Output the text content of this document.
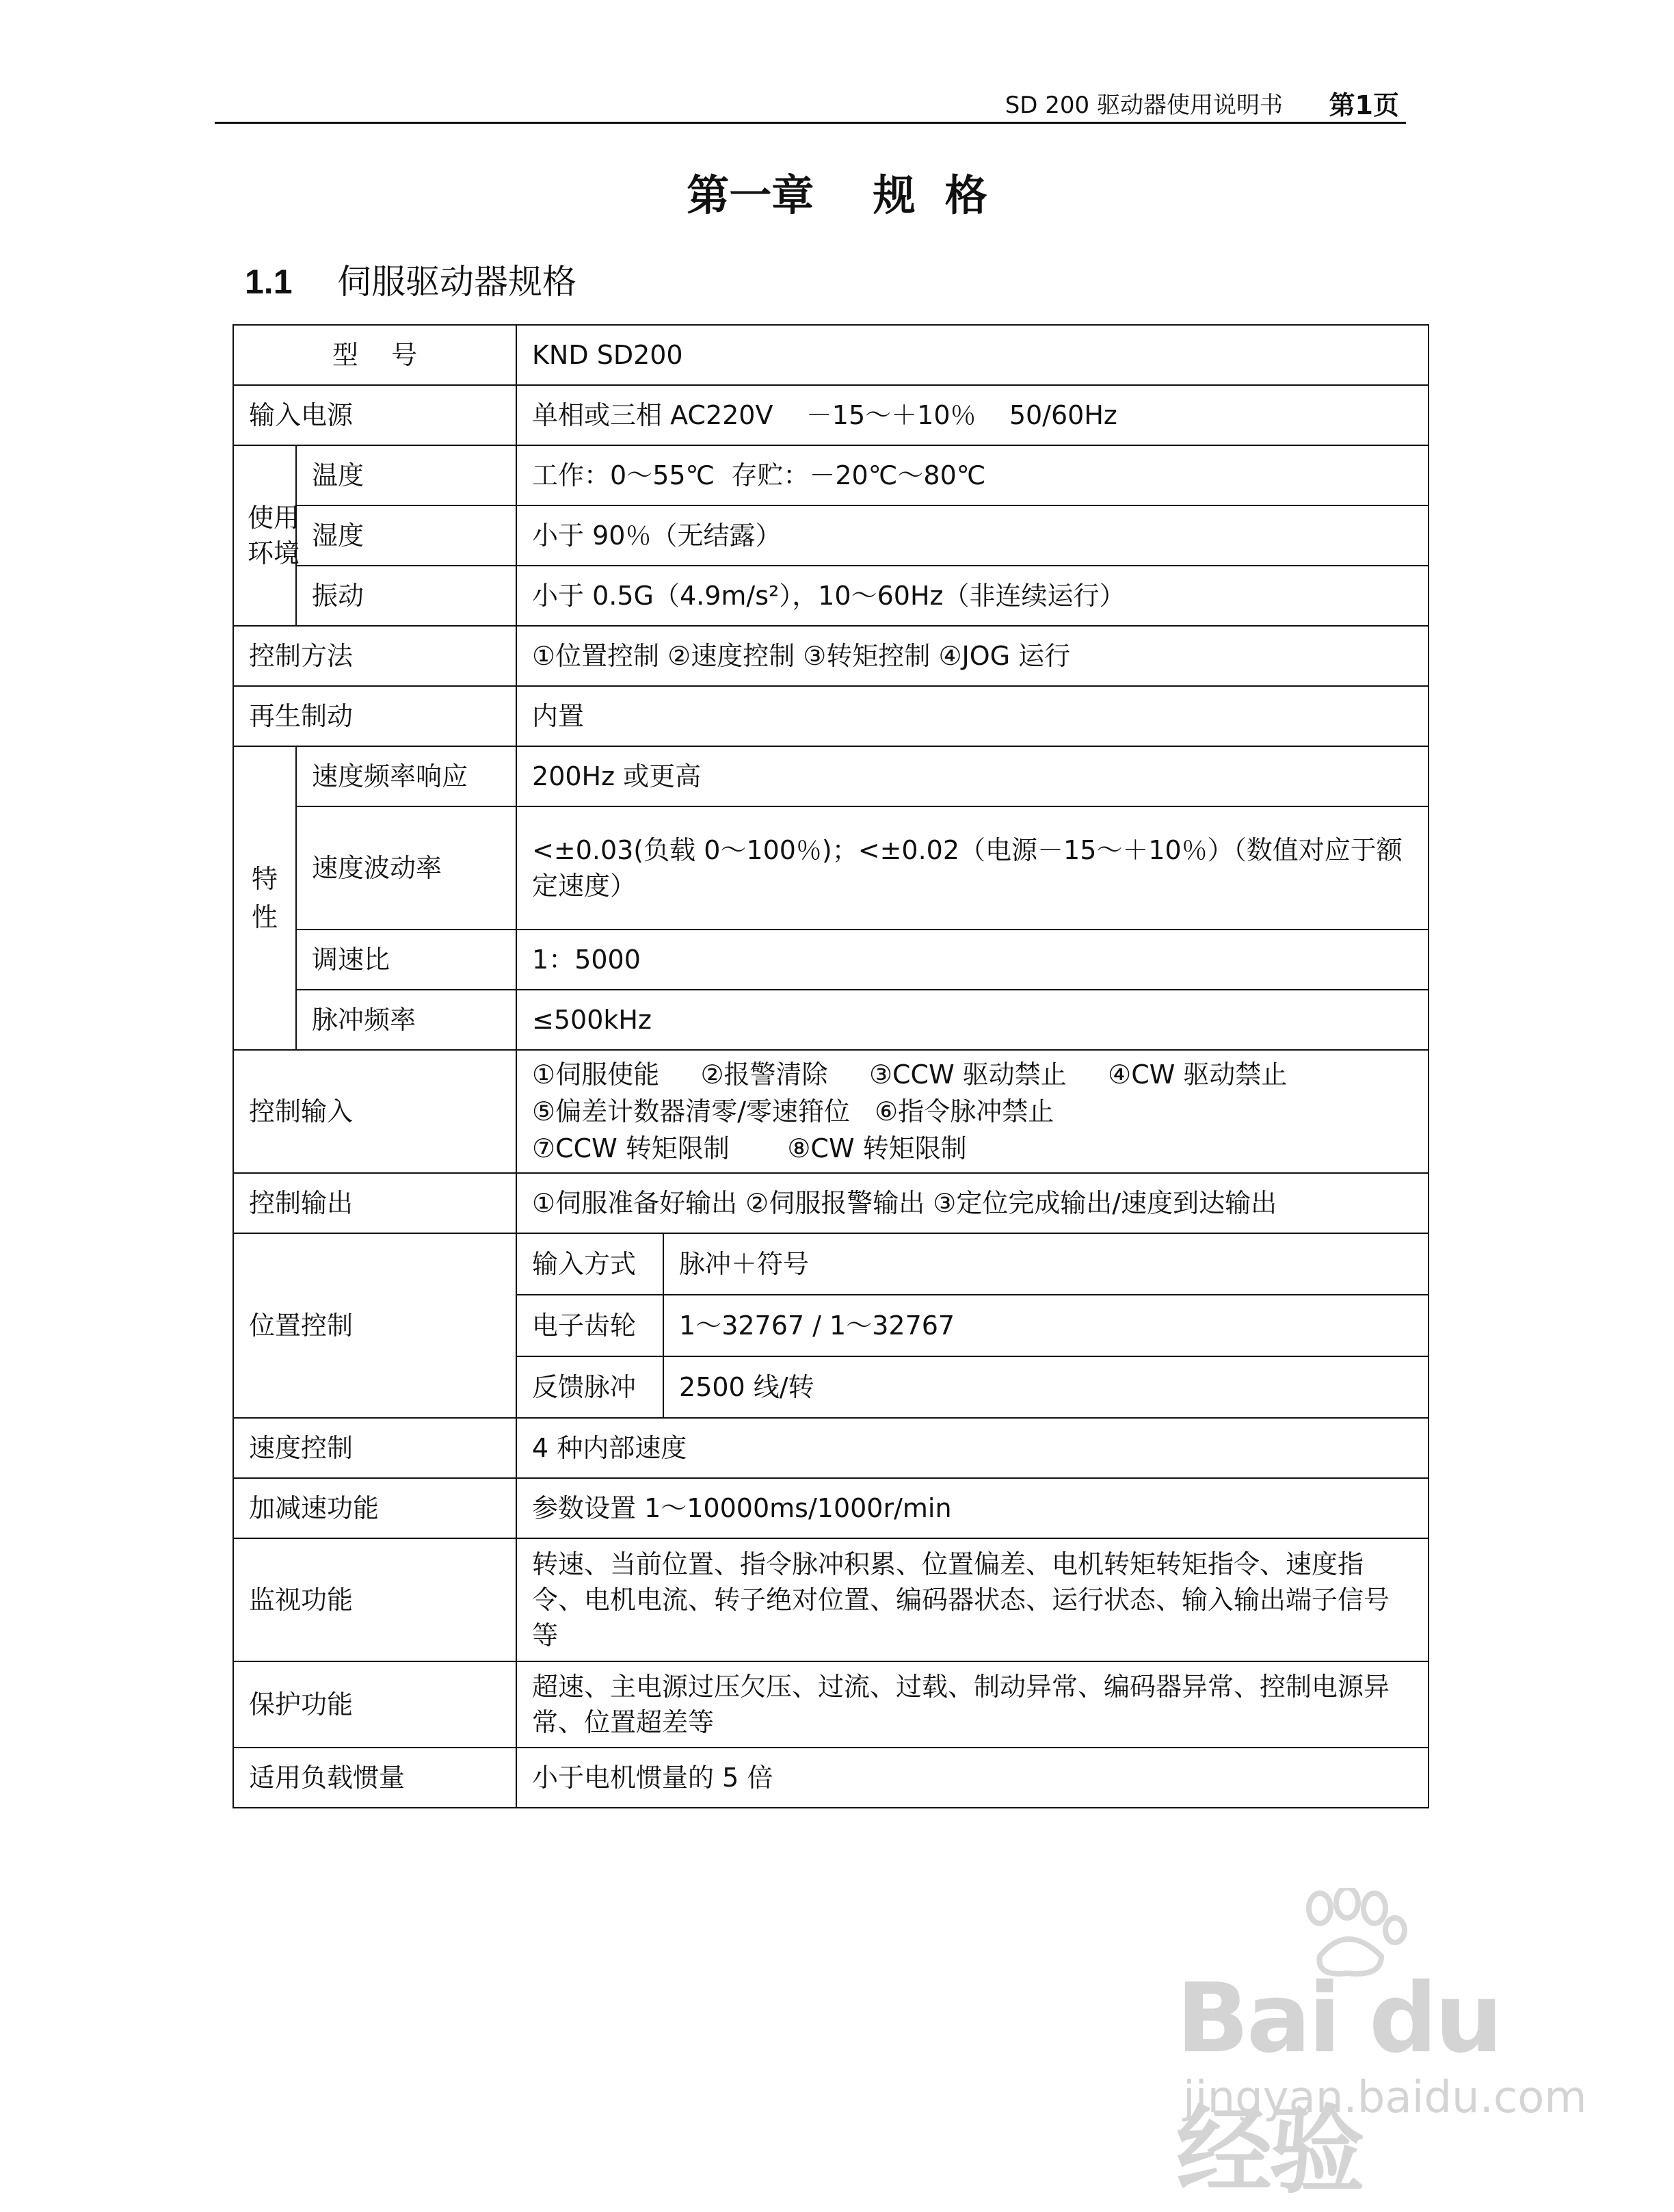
SD 200 驱动器使用说明书 第1页
第一章    规  格
1.1 伺服驱动器规格
型    号	KND SD200
输入电源	单相或三相 AC220V    －15～＋10％    50/60Hz

使用环境
	温度	工作：0～55℃  存贮：－20℃～80℃
湿度	小于 90％（无结露）
振动	小于 0.5G（4.9m/s²），10～60Hz（非连续运行）
控制方法	①位置控制 ②速度控制 ③转矩控制 ④JOG 运行
再生制动	内置
特性	速度频率响应	200Hz 或更高
速度波动率	<±0.03(负载 0～100％)；<±0.02（电源－15～＋10％）（数值对应于额定速度）
调速比	1：5000
脉冲频率	≤500kHz
控制输入	
①伺服使能     ②报警清除     ③CCW 驱动禁止     ④CW 驱动禁止
⑤偏差计数器清零/零速箝位   ⑥指令脉冲禁止
⑦CCW 转矩限制       ⑧CW 转矩限制

控制输出	①伺服准备好输出 ②伺服报警输出 ③定位完成输出/速度到达输出
位置控制	
输入方式	脉冲＋符号
电子齿轮	1～32767 / 1～32767
反馈脉冲	2500 线/转

速度控制	4 种内部速度
加减速功能	参数设置 1～10000ms/1000r/min
监视功能	转速、当前位置、指令脉冲积累、位置偏差、电机转矩转矩指令、速度指令、电机电流、转子绝对位置、编码器状态、运行状态、输入输出端子信号等
保护功能	超速、主电源过压欠压、过流、过载、制动异常、编码器异常、控制电源异常、位置超差等
适用负载惯量	小于电机惯量的 5 倍
Bai du 经验
jingyan.baidu.com
